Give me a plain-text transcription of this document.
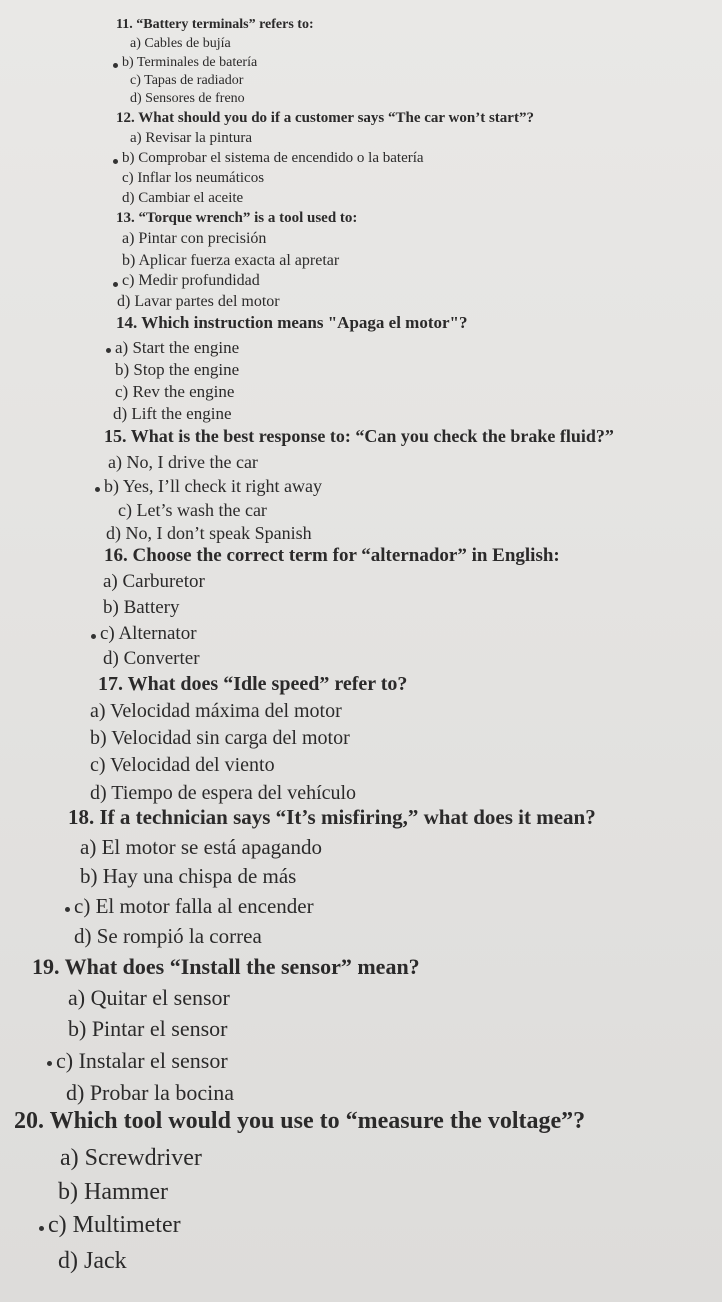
11. “Battery terminals” refers to:
a) Cables de bujía
b) Terminales de batería
c) Tapas de radiador
d) Sensores de freno
12. What should you do if a customer says “The car won’t start”?
a) Revisar la pintura
b) Comprobar el sistema de encendido o la batería
c) Inflar los neumáticos
d) Cambiar el aceite
13. “Torque wrench” is a tool used to:
a) Pintar con precisión
b) Aplicar fuerza exacta al apretar
c) Medir profundidad
d) Lavar partes del motor
14. Which instruction means "Apaga el motor"?
a) Start the engine
b) Stop the engine
c) Rev the engine
d) Lift the engine
15. What is the best response to: “Can you check the brake fluid?”
a) No, I drive the car
b) Yes, I’ll check it right away
c) Let’s wash the car
d) No, I don’t speak Spanish
16. Choose the correct term for “alternador” in English:
a) Carburetor
b) Battery
c) Alternator
d) Converter
17. What does “Idle speed” refer to?
a) Velocidad máxima del motor
b) Velocidad sin carga del motor
c) Velocidad del viento
d) Tiempo de espera del vehículo
18. If a technician says “It’s misfiring,” what does it mean?
a) El motor se está apagando
b) Hay una chispa de más
c) El motor falla al encender
d) Se rompió la correa
19. What does “Install the sensor” mean?
a) Quitar el sensor
b) Pintar el sensor
c) Instalar el sensor
d) Probar la bocina
20. Which tool would you use to “measure the voltage”?
a) Screwdriver
b) Hammer
c) Multimeter
d) Jack
